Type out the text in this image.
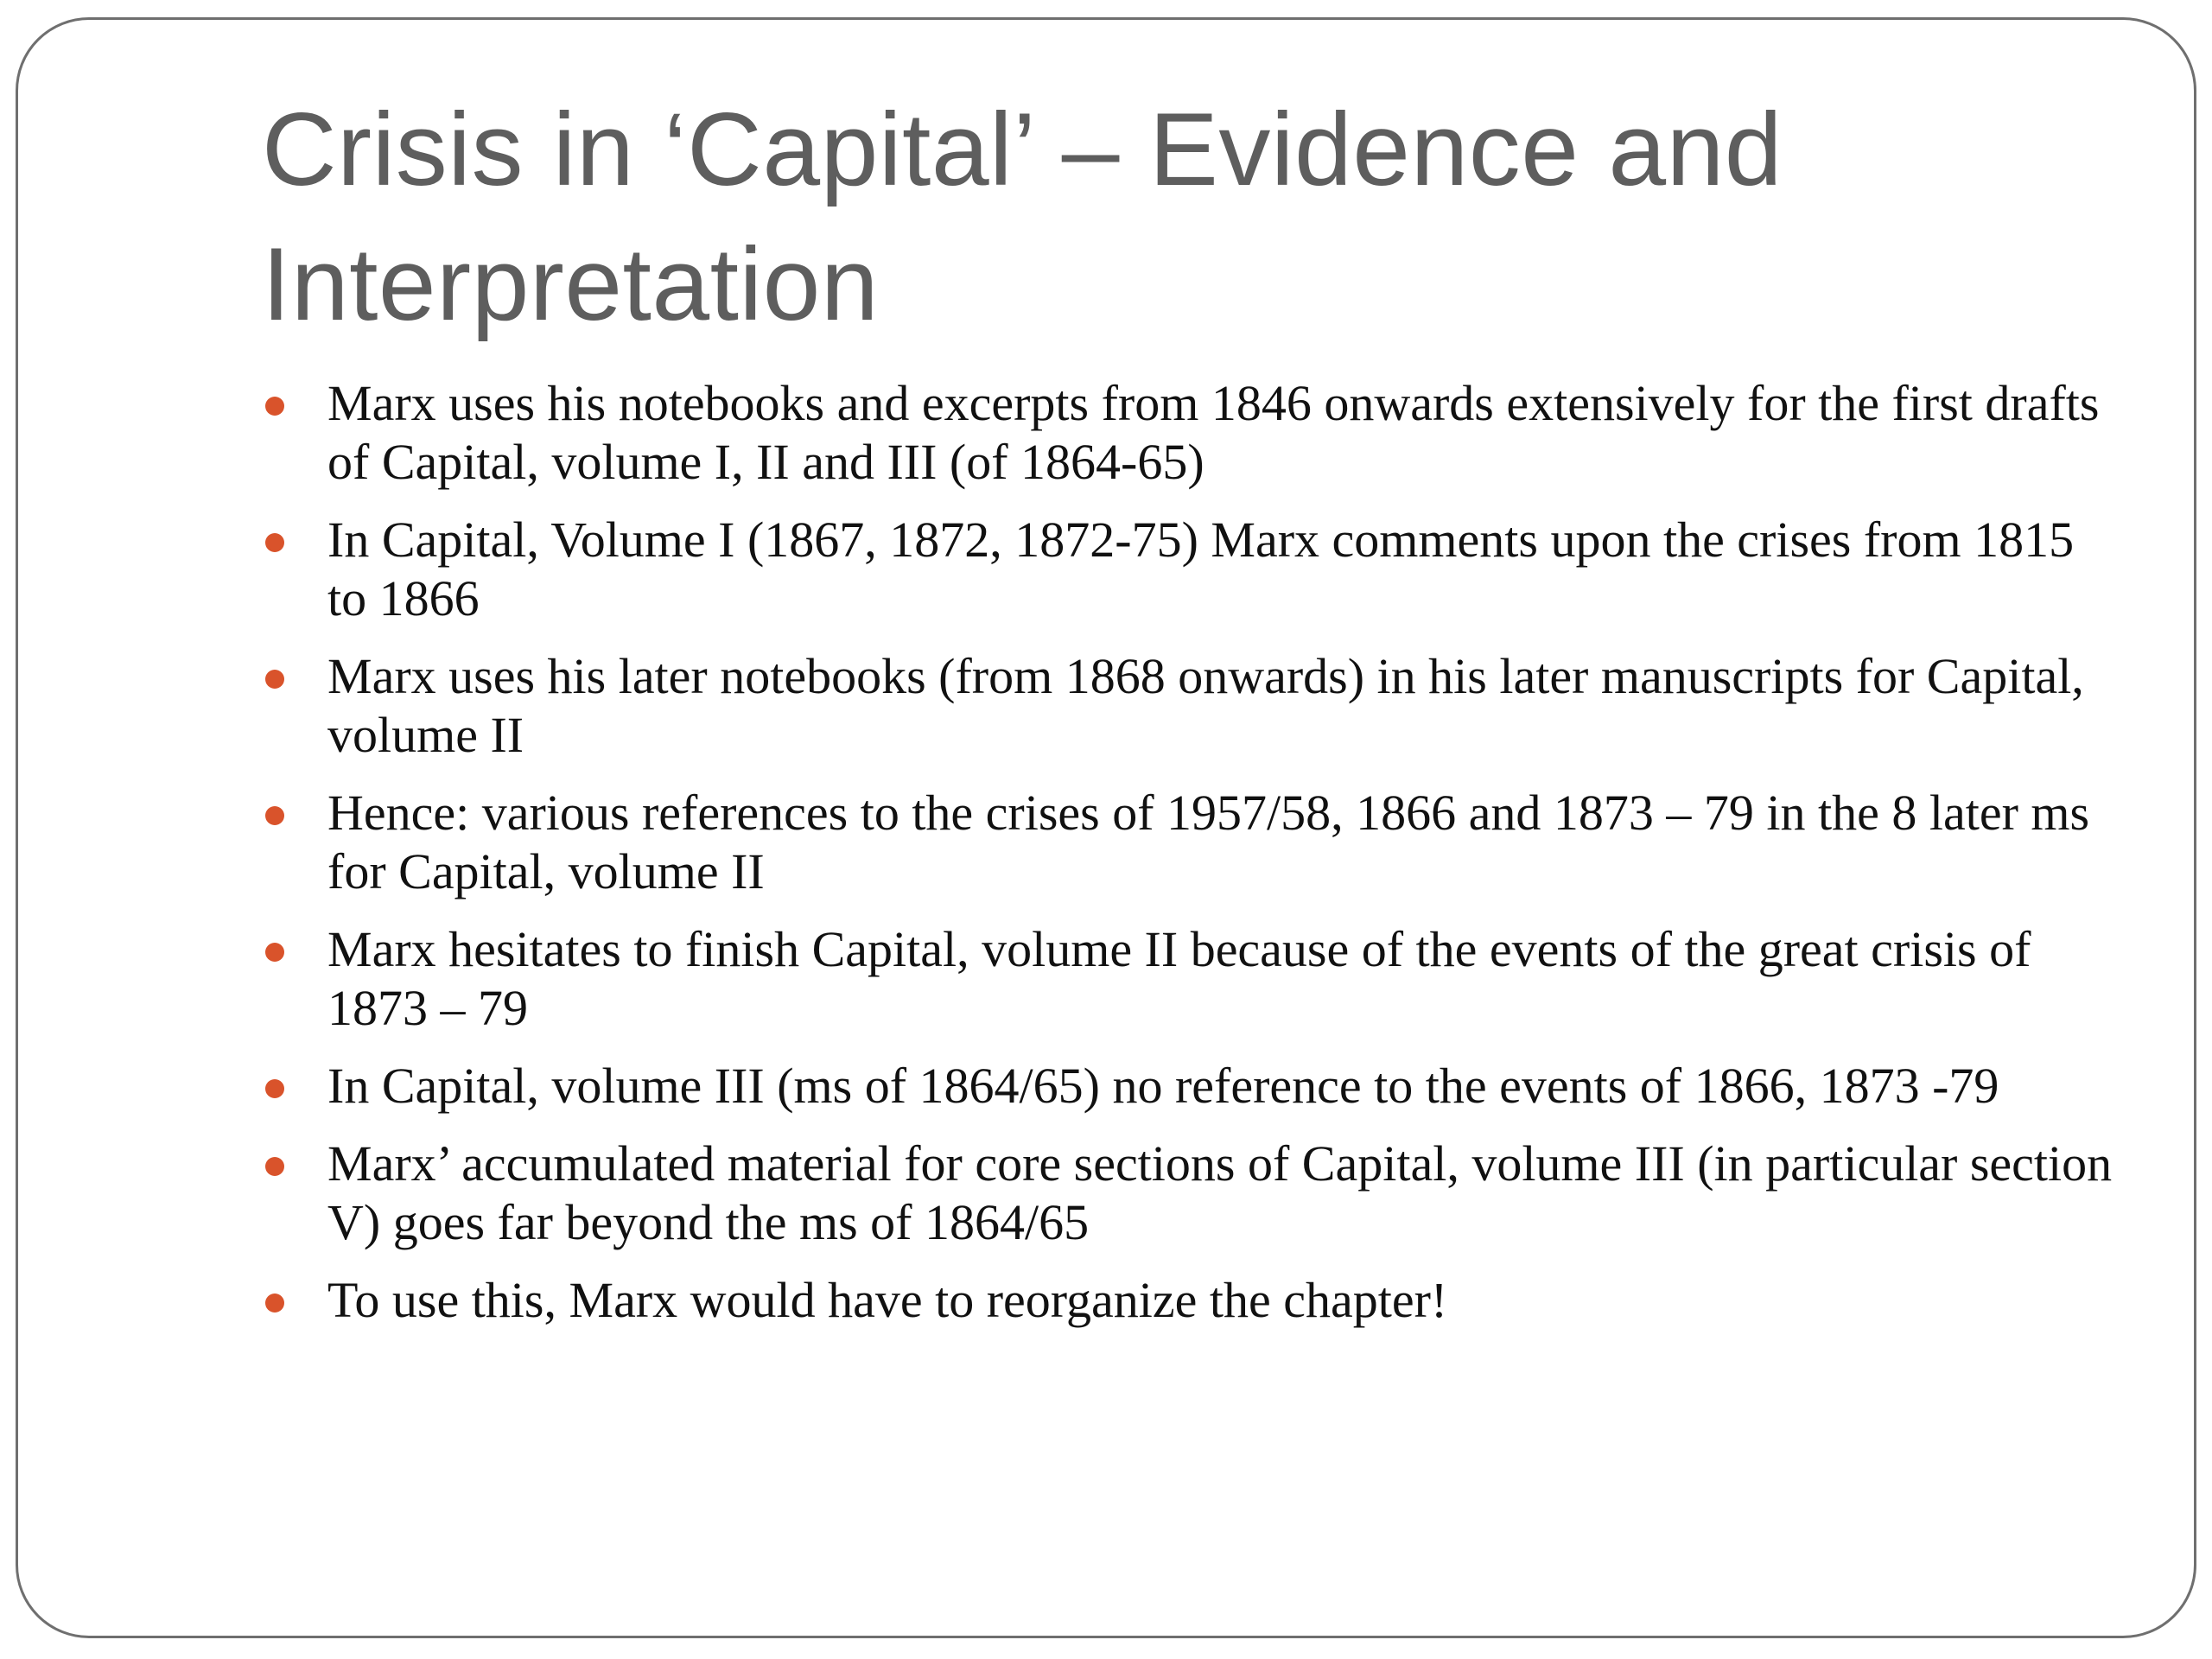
Crisis in ‘Capital’ – Evidence and Interpretation
Marx uses his notebooks and excerpts from 1846 onwards extensively for the first drafts of Capital, volume I, II and III (of 1864-65)
In Capital, Volume I (1867, 1872, 1872-75) Marx comments upon the crises from 1815 to 1866
Marx uses his later notebooks (from 1868 onwards) in his later manuscripts for Capital, volume II
Hence: various references to the crises of 1957/58, 1866 and 1873 – 79 in the 8 later ms for Capital, volume II
Marx hesitates to finish Capital, volume II because of the events of the great crisis of 1873 – 79
In Capital, volume III (ms of 1864/65) no reference to the events of 1866, 1873 -79
Marx’ accumulated material for core sections of Capital, volume III (in particular section V) goes far beyond the ms of 1864/65
To use this, Marx would have to reorganize the chapter!
